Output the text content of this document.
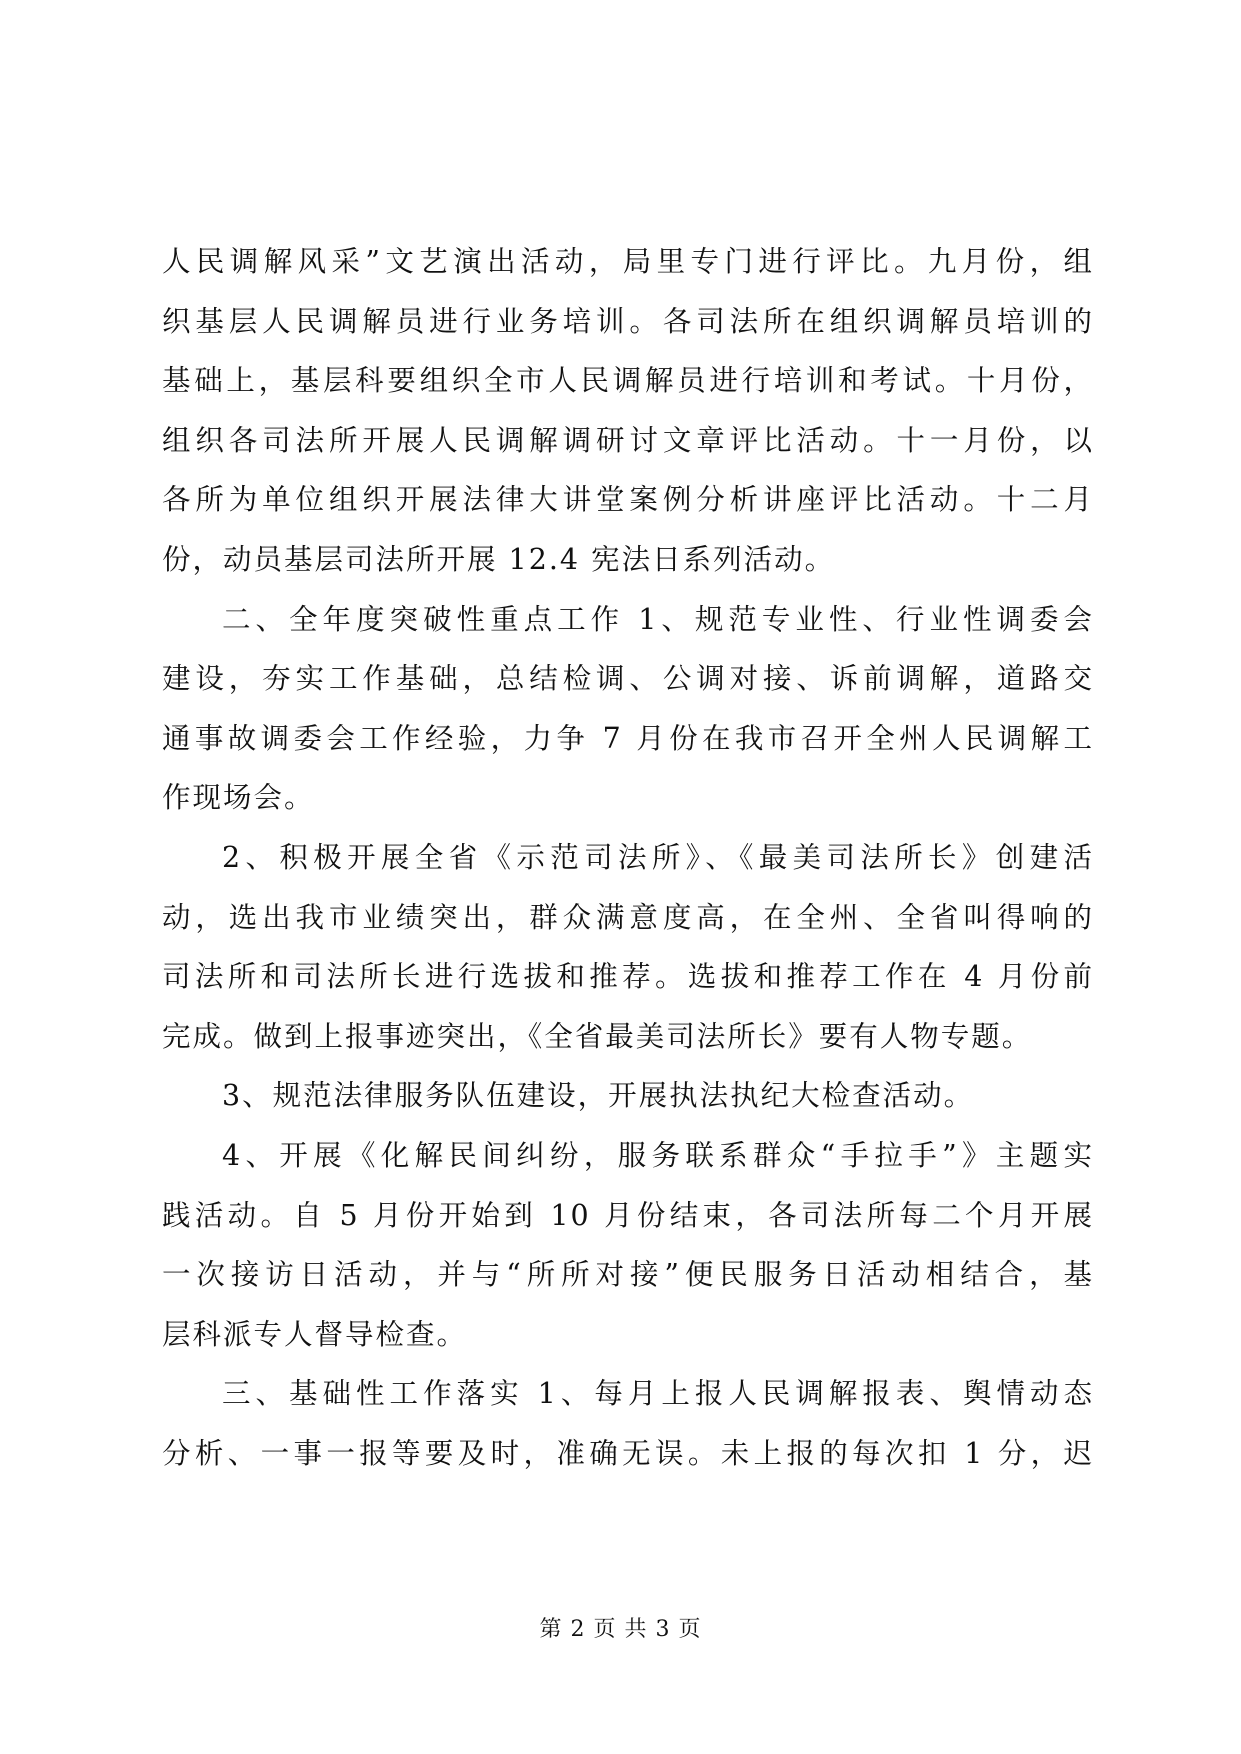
人民调解风采”文艺演出活动，局里专门进行评比。九月份，组
织基层人民调解员进行业务培训。各司法所在组织调解员培训的
基础上，基层科要组织全市人民调解员进行培训和考试。十月份，
组织各司法所开展人民调解调研讨文章评比活动。十一月份，以
各所为单位组织开展法律大讲堂案例分析讲座评比活动。十二月
份，动员基层司法所开展 12.4 宪法日系列活动。
二、全年度突破性重点工作 1、规范专业性、行业性调委会
建设，夯实工作基础，总结检调、公调对接、诉前调解，道路交
通事故调委会工作经验，力争 7 月份在我市召开全州人民调解工
作现场会。
2、积极开展全省《示范司法所》、《最美司法所长》创建活
动，选出我市业绩突出，群众满意度高，在全州、全省叫得响的
司法所和司法所长进行选拔和推荐。选拔和推荐工作在 4 月份前
完成。做到上报事迹突出，《全省最美司法所长》要有人物专题。
3、规范法律服务队伍建设，开展执法执纪大检查活动。
4、开展《化解民间纠纷，服务联系群众“手拉手”》主题实
践活动。自 5 月份开始到 10 月份结束，各司法所每二个月开展
一次接访日活动，并与“所所对接”便民服务日活动相结合，基
层科派专人督导检查。
三、基础性工作落实 1、每月上报人民调解报表、舆情动态
分析、一事一报等要及时，准确无误。未上报的每次扣 1 分，迟
第 2 页 共 3 页
